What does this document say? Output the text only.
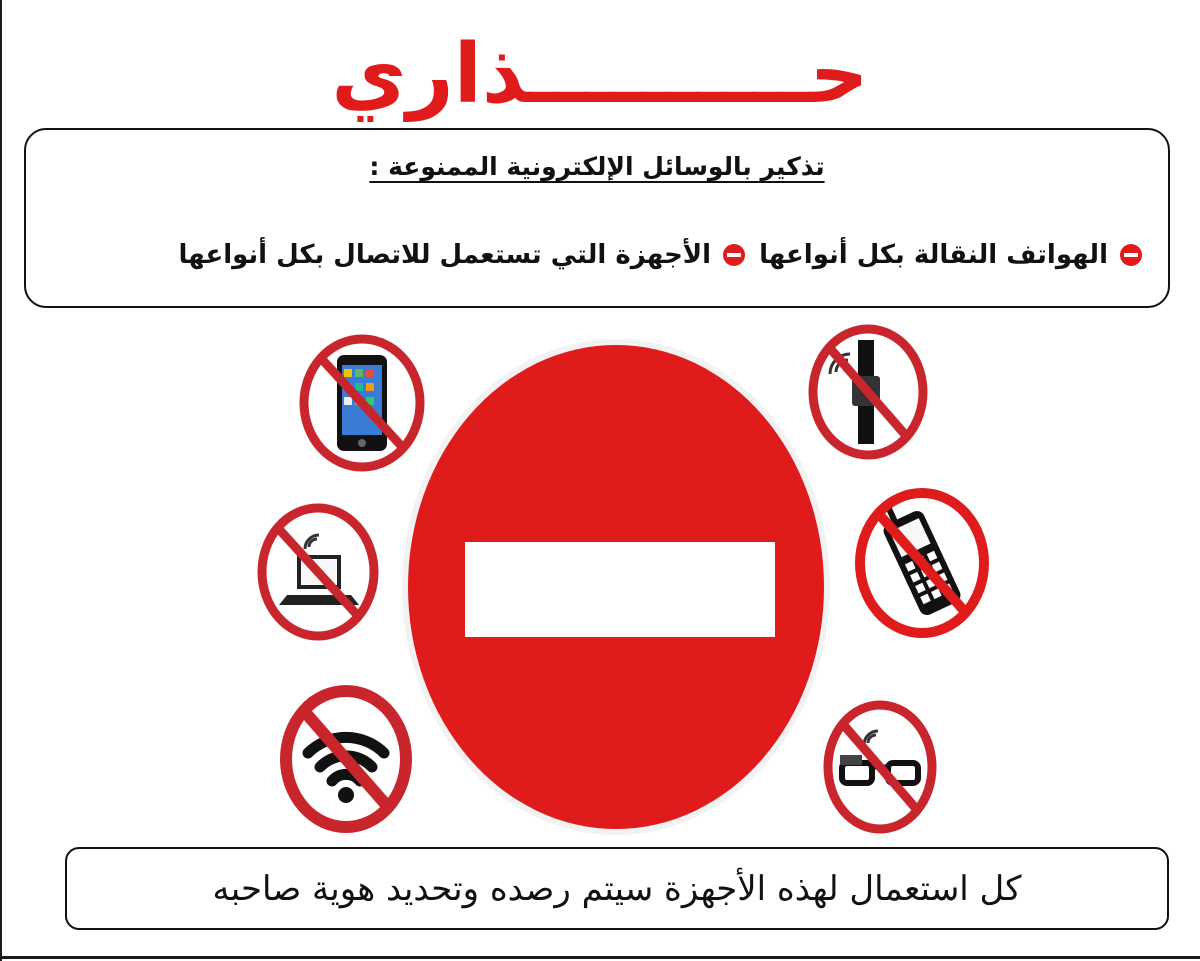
حــــــــــذاري
تذكير بالوسائل الإلكترونية الممنوعة :
الهواتف النقالة بكل أنواعها
الأجهزة التي تستعمل للاتصال بكل أنواعها
كل استعمال لهذه الأجهزة سيتم رصده وتحديد هوية صاحبه
